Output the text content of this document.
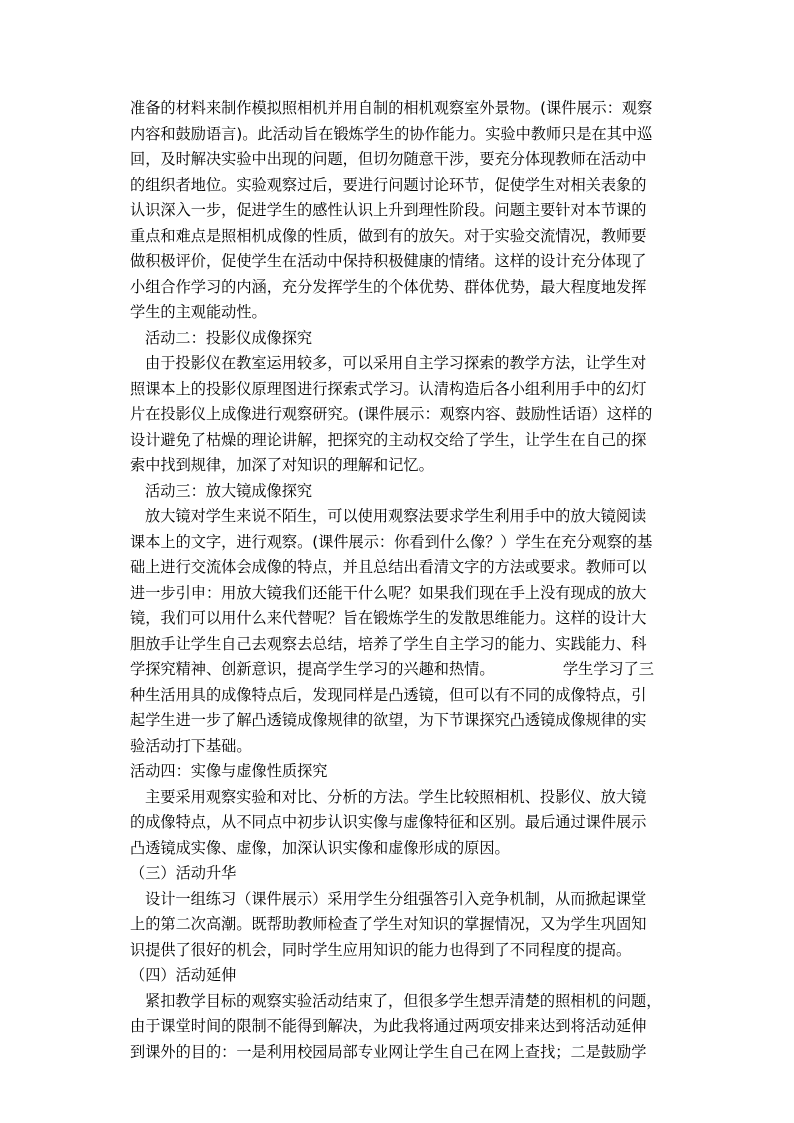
准备的材料来制作模拟照相机并用自制的相机观察室外景物。(课件展示：观察
内容和鼓励语言)。此活动旨在锻炼学生的协作能力。实验中教师只是在其中巡
回，及时解决实验中出现的问题，但切勿随意干涉，要充分体现教师在活动中
的组织者地位。实验观察过后，要进行问题讨论环节，促使学生对相关表象的
认识深入一步，促进学生的感性认识上升到理性阶段。问题主要针对本节课的
重点和难点是照相机成像的性质，做到有的放矢。对于实验交流情况，教师要
做积极评价，促使学生在活动中保持积极健康的情绪。这样的设计充分体现了
小组合作学习的内涵，充分发挥学生的个体优势、群体优势，最大程度地发挥
学生的主观能动性。
活动二：投影仪成像探究
由于投影仪在教室运用较多，可以采用自主学习探索的教学方法，让学生对
照课本上的投影仪原理图进行探索式学习。认清构造后各小组利用手中的幻灯
片在投影仪上成像进行观察研究。(课件展示：观察内容、鼓励性话语）这样的
设计避免了枯燥的理论讲解，把探究的主动权交给了学生，让学生在自己的探
索中找到规律，加深了对知识的理解和记忆。
活动三：放大镜成像探究
放大镜对学生来说不陌生，可以使用观察法要求学生利用手中的放大镜阅读
课本上的文字，进行观察。(课件展示：你看到什么像？）学生在充分观察的基
础上进行交流体会成像的特点，并且总结出看清文字的方法或要求。教师可以
进一步引申：用放大镜我们还能干什么呢？如果我们现在手上没有现成的放大
镜，我们可以用什么来代替呢？旨在锻炼学生的发散思维能力。这样的设计大
胆放手让学生自己去观察去总结，培养了学生自主学习的能力、实践能力、科
学探究精神、创新意识，提高学生学习的兴趣和热情。　　　　　学生学习了三
种生活用具的成像特点后，发现同样是凸透镜，但可以有不同的成像特点，引
起学生进一步了解凸透镜成像规律的欲望，为下节课探究凸透镜成像规律的实
验活动打下基础。
活动四：实像与虚像性质探究
主要采用观察实验和对比、分析的方法。学生比较照相机、投影仪、放大镜
的成像特点，从不同点中初步认识实像与虚像特征和区别。最后通过课件展示
凸透镜成实像、虚像，加深认识实像和虚像形成的原因。
（三）活动升华
设计一组练习（课件展示）采用学生分组强答引入竞争机制，从而掀起课堂
上的第二次高潮。既帮助教师检查了学生对知识的掌握情况，又为学生巩固知
识提供了很好的机会，同时学生应用知识的能力也得到了不同程度的提高。
（四）活动延伸
紧扣教学目标的观察实验活动结束了，但很多学生想弄清楚的照相机的问题，
由于课堂时间的限制不能得到解决，为此我将通过两项安排来达到将活动延伸
到课外的目的：一是利用校园局部专业网让学生自己在网上查找；二是鼓励学
